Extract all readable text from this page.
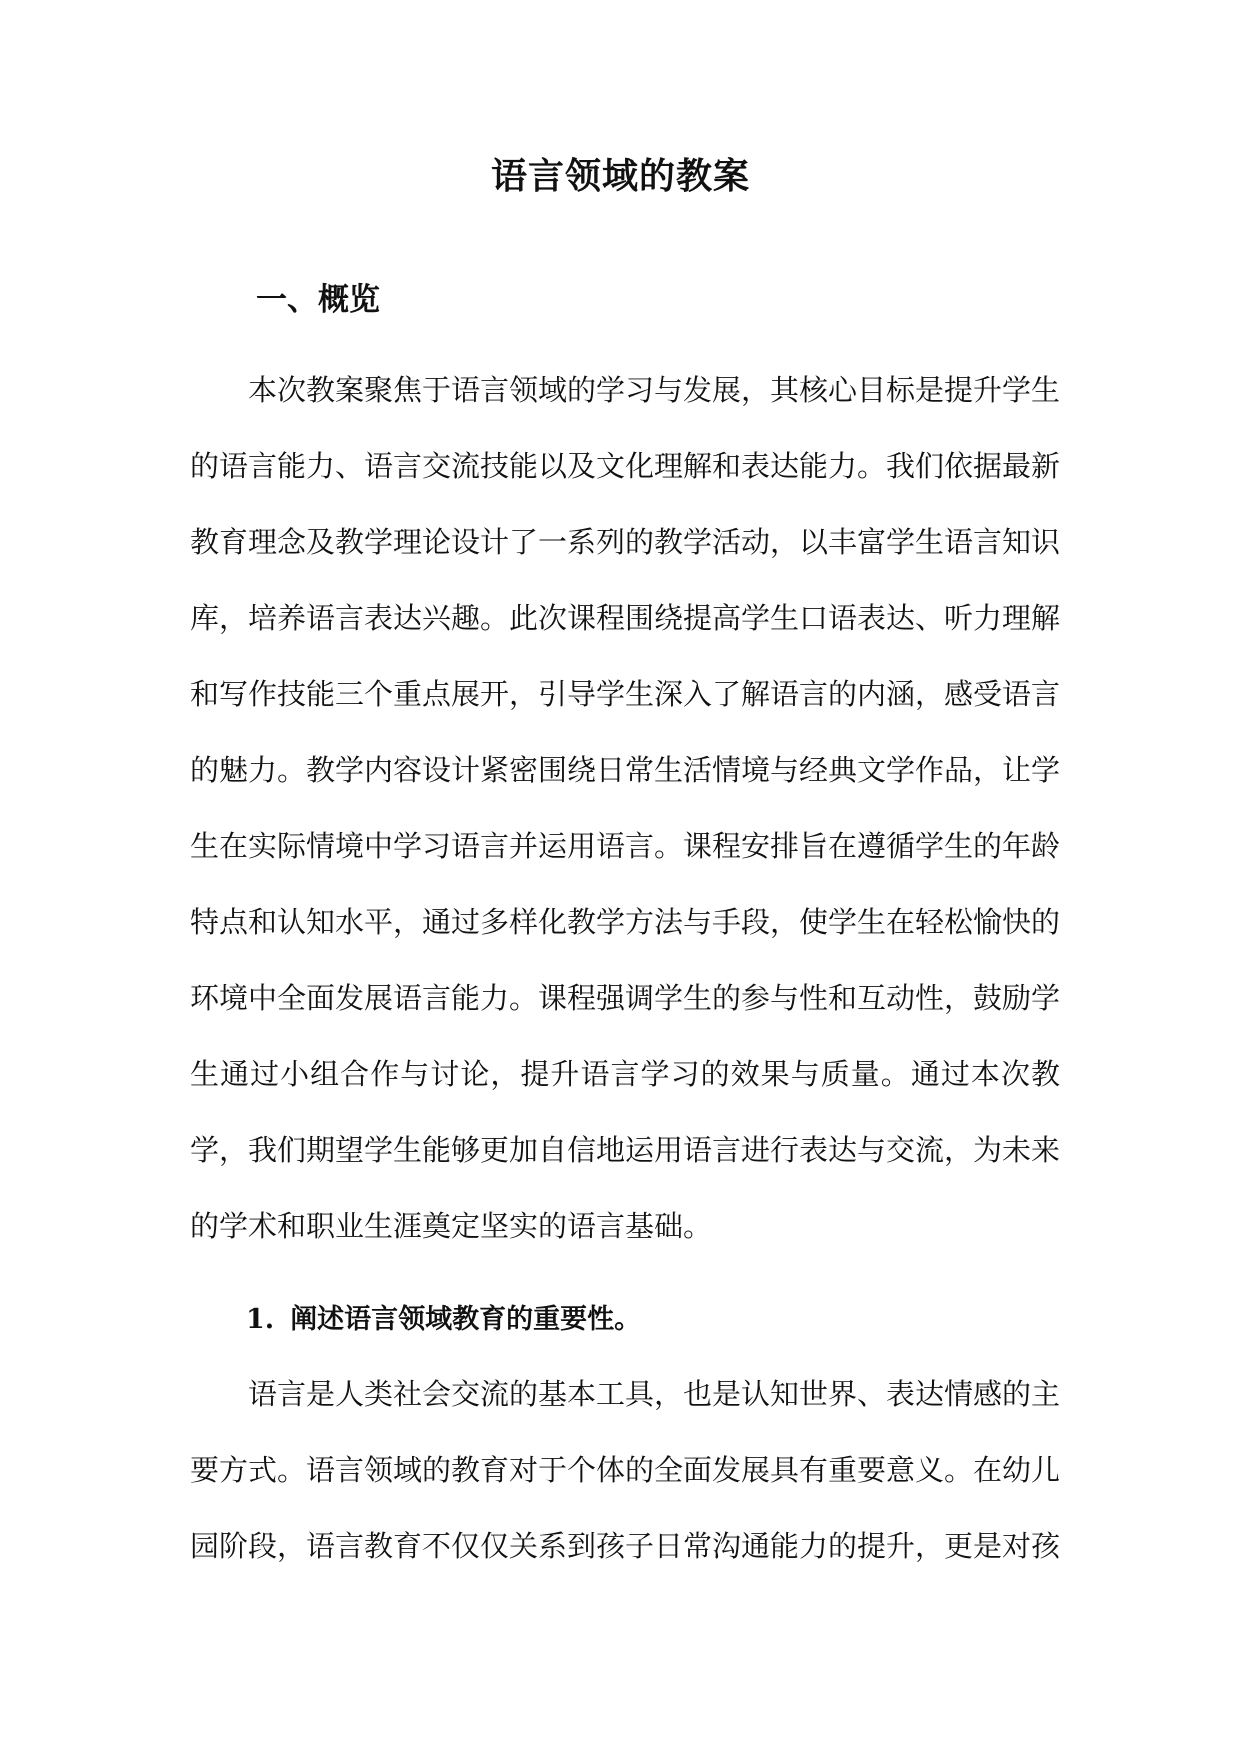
语言领域的教案
一、概览

本次教案聚焦于语言领域的学习与发展，其核心目标是提升学生的语言能力、语言交流技能以及文化理解和表达能力。我们依据最新教育理念及教学理论设计了一系列的教学活动，以丰富学生语言知识库，培养语言表达兴趣。此次课程围绕提高学生口语表达、听力理解和写作技能三个重点展开，引导学生深入了解语言的内涵，感受语言的魅力。教学内容设计紧密围绕日常生活情境与经典文学作品，让学生在实际情境中学习语言并运用语言。课程安排旨在遵循学生的年龄特点和认知水平，通过多样化教学方法与手段，使学生在轻松愉快的环境中全面发展语言能力。课程强调学生的参与性和互动性，鼓励学生通过小组合作与讨论，提升语言学习的效果与质量。通过本次教学，我们期望学生能够更加自信地运用语言进行表达与交流，为未来的学术和职业生涯奠定坚实的语言基础。

1. 阐述语言领域教育的重要性。

语言是人类社会交流的基本工具，也是认知世界、表达情感的主要方式。语言领域的教育对于个体的全面发展具有重要意义。在幼儿园阶段，语言教育不仅仅关系到孩子日常沟通能力的提升，更是对孩
